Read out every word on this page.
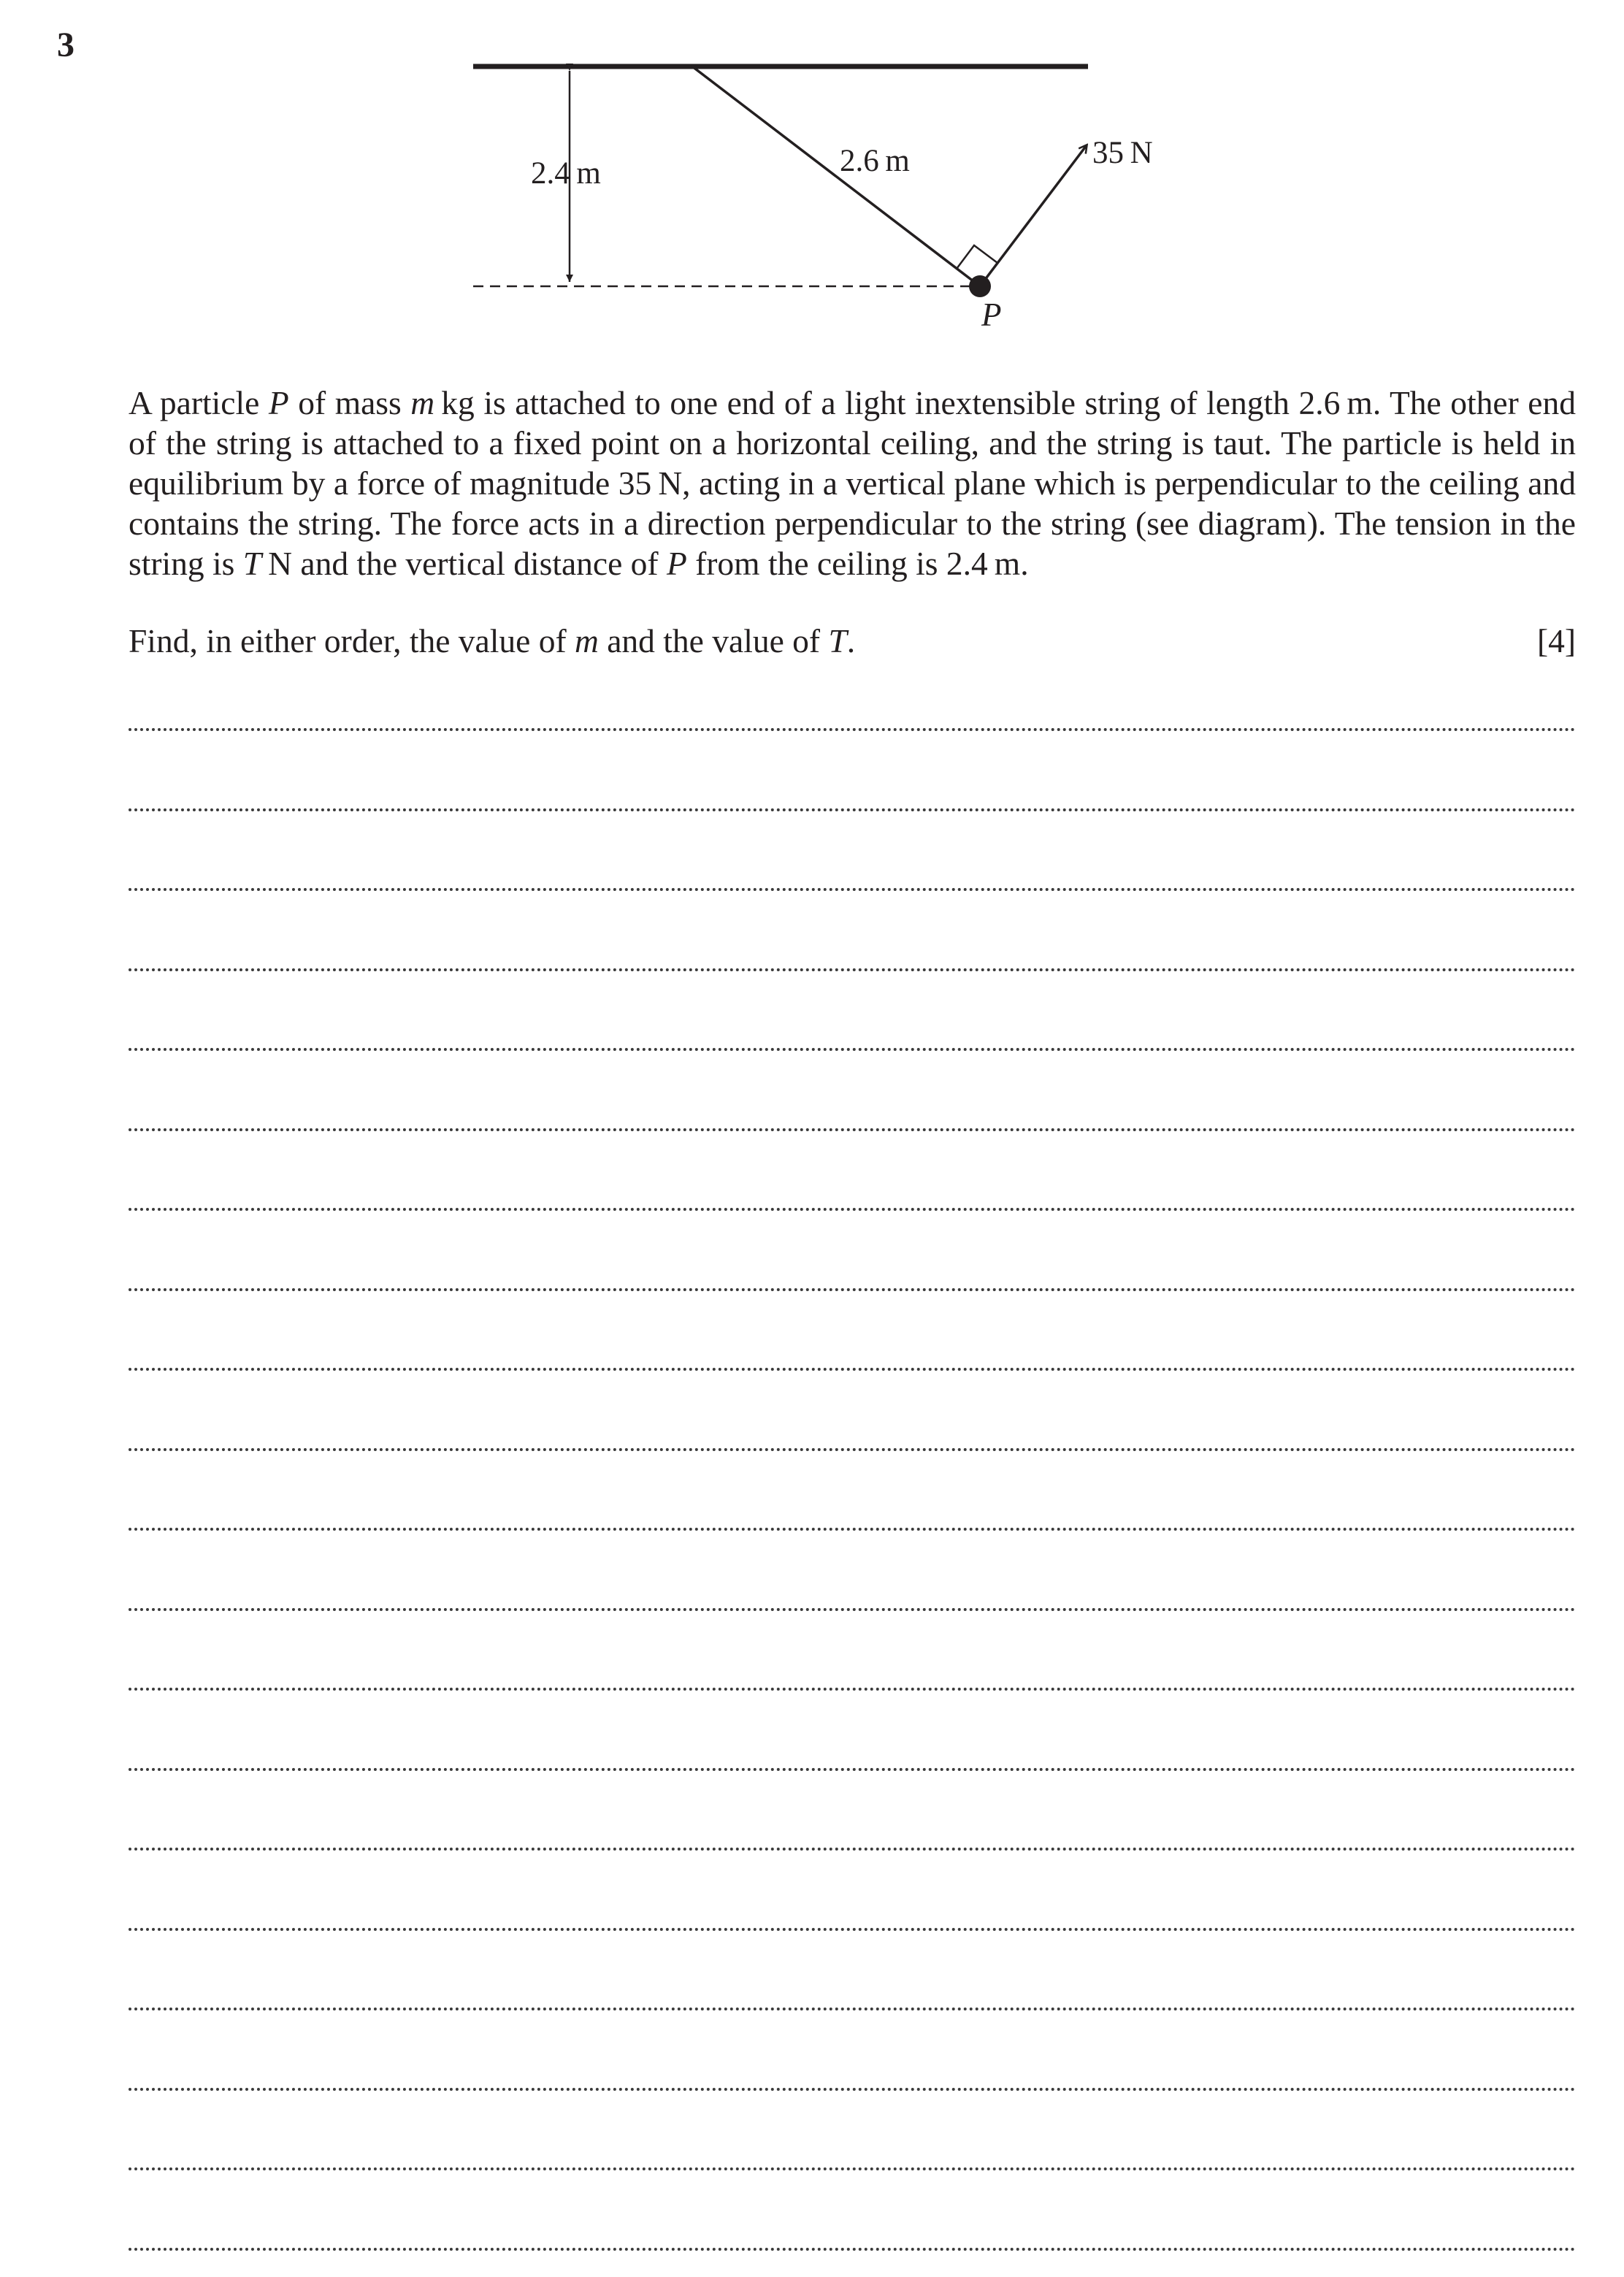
3
2.4 m	2.6 m	35 N
P
A particle P of mass m kg is attached to one end of a light inextensible string of length 2.6 m. The other end of the string is attached to a fixed point on a horizontal ceiling, and the string is taut. The particle is held in equilibrium by a force of magnitude 35 N, acting in a vertical plane which is perpendicular to the ceiling and contains the string. The force acts in a direction perpendicular to the string (see diagram). The tension in the string is T N and the vertical distance of P from the ceiling is 2.4 m.
Find, in either order, the value of m and the value of T.	[4]
